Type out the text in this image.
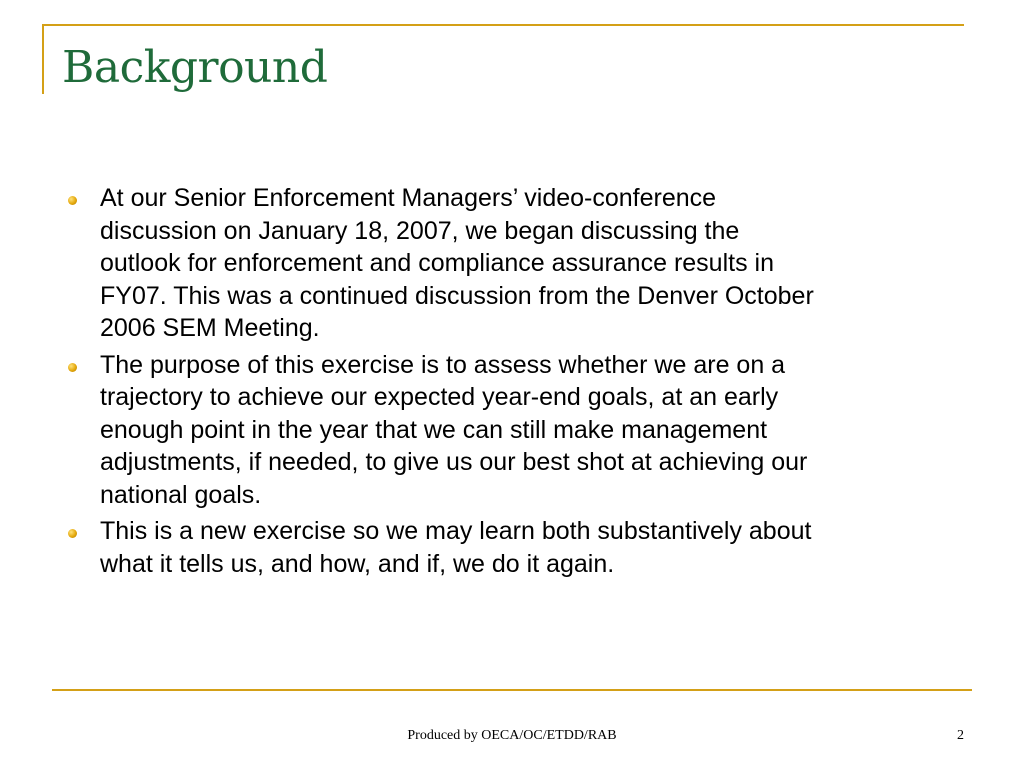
Background
At our Senior Enforcement Managers’ video-conference
discussion on January 18, 2007, we began discussing the
outlook for enforcement and compliance assurance results in
FY07. This was a continued discussion from the Denver October
2006 SEM Meeting.
The purpose of this exercise is to assess whether we are on a
trajectory to achieve our expected year-end goals, at an early
enough point in the year that we can still make management
adjustments, if needed, to give us our best shot at achieving our
national goals.
This is a new exercise so we may learn both substantively about
what it tells us, and how, and if, we do it again.
Produced by OECA/OC/ETDD/RAB	2
